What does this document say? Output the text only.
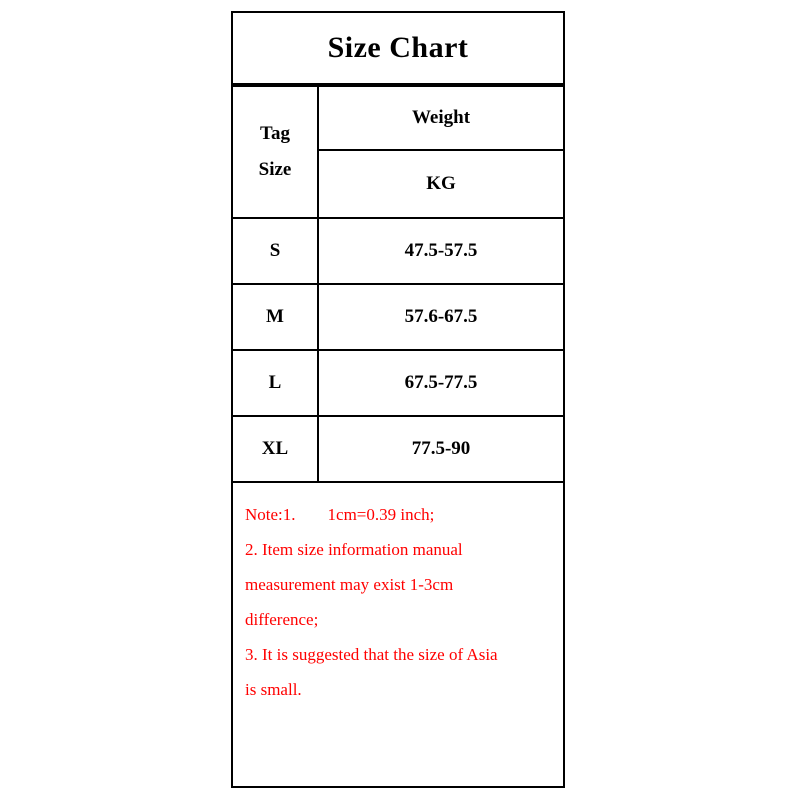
Size Chart
Tag
Size	Weight
	KG
S	47.5-57.5
M	57.6-67.5
L	67.5-77.5
XL	77.5-90

Note:1. 1cm=0.39 inch;

2. Item size information manual

measurement may exist 1-3cm

difference;

3. It is suggested that the size of Asia

is small.
